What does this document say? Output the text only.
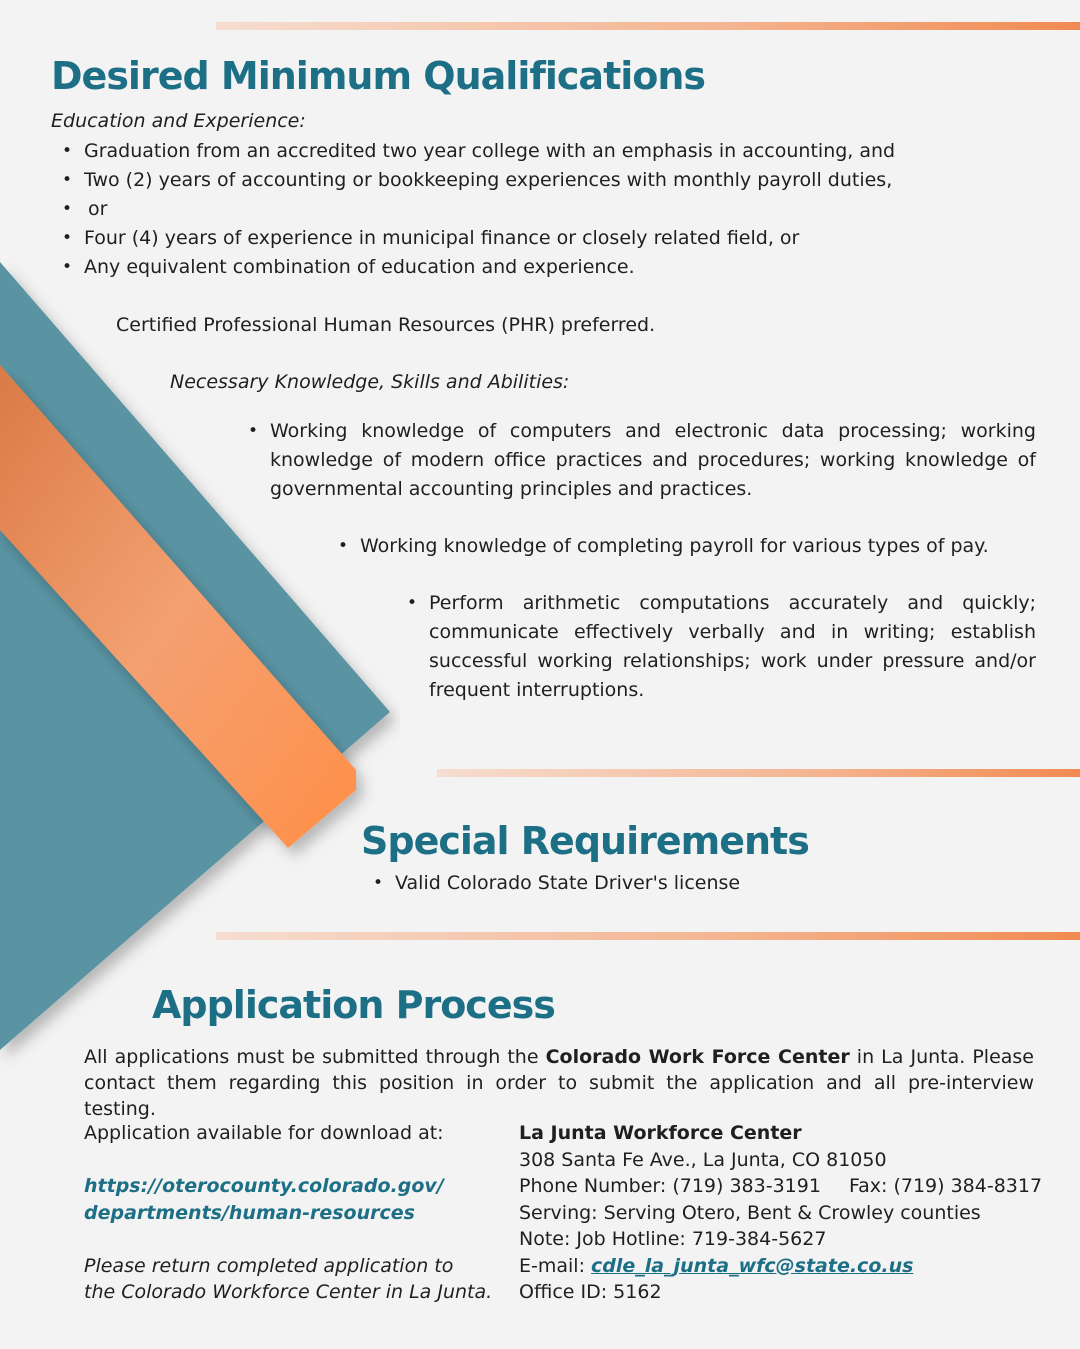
Desired Minimum Qualifications
Education and Experience:
• Graduation from an accredited two year college with an emphasis in accounting, and
• Two (2) years of accounting or bookkeeping experiences with monthly payroll duties,
• or
• Four (4) years of experience in municipal finance or closely related field, or
• Any equivalent combination of education and experience.
Certified Professional Human Resources (PHR) preferred.
Necessary Knowledge, Skills and Abilities:
• Working knowledge of computers and electronic data processing; working knowledge of modern office practices and procedures; working knowledge of governmental accounting principles and practices.
• Working knowledge of completing payroll for various types of pay.
• Perform arithmetic computations accurately and quickly; communicate effectively verbally and in writing; establish successful working relationships; work under pressure and/or frequent interruptions.
Special Requirements
• Valid Colorado State Driver's license
Application Process

All applications must be submitted through the Colorado Work Force Center in La Junta. Please contact them regarding this position in order to submit the application and all pre-interview testing.

Application available for download at:
https://oterocounty.colorado.gov/
departments/human-resources
Please return completed application to
the Colorado Workforce Center in La Junta.
La Junta Workforce Center
308 Santa Fe Ave., La Junta, CO 81050
Phone Number: (719) 383-3191 Fax: (719) 384-8317
Serving: Serving Otero, Bent & Crowley counties
Note: Job Hotline: 719-384-5627
E-mail: cdle_la_junta_wfc@state.co.us
Office ID: 5162
